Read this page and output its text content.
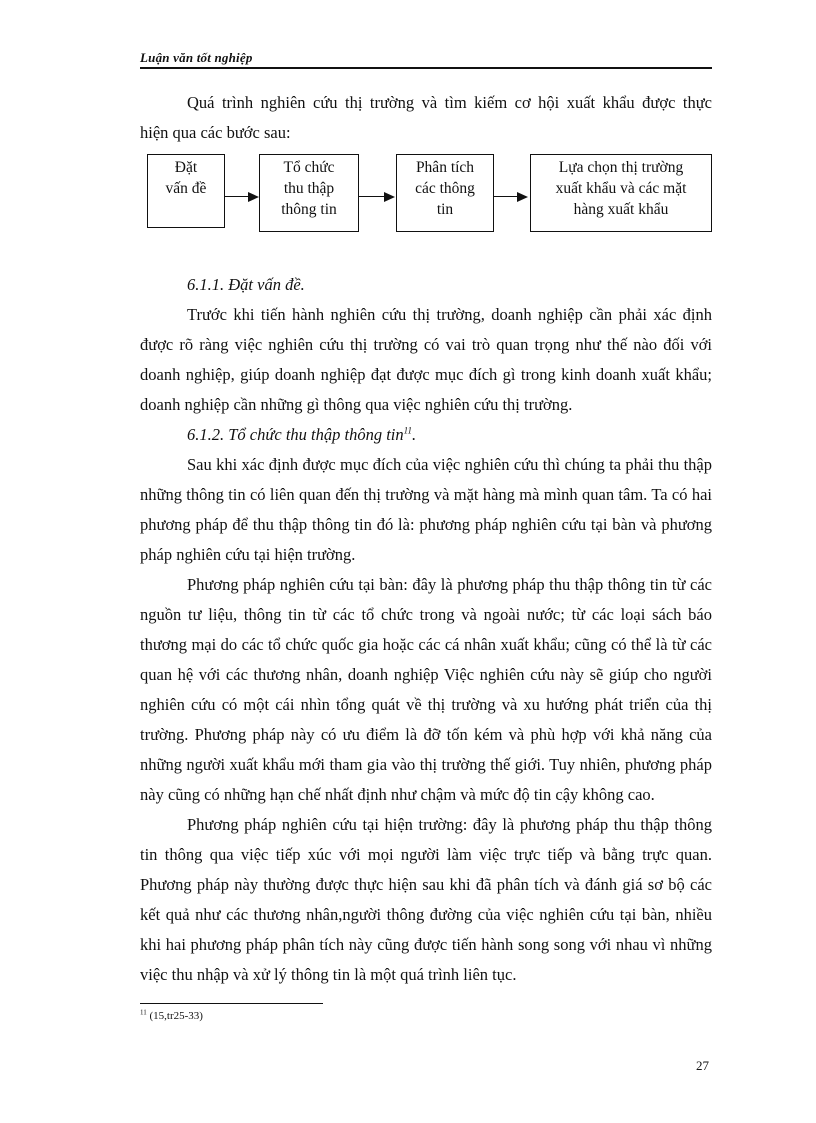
Luận văn tốt nghiệp
Quá trình nghiên cứu thị trường và tìm kiếm cơ hội xuất khẩu được thực
hiện qua các bước sau:
Đặt
vấn đề
Tổ chức
thu thập
thông tin
Phân tích
các thông
tin
Lựa chọn thị trường
xuất khẩu và các mặt
hàng xuất khẩu

6.1.1. Đặt vấn đề.

Trước khi tiến hành nghiên cứu thị trường, doanh nghiệp cần phải xác định được rõ ràng việc nghiên cứu thị trường có vai trò quan trọng như thế nào đối với doanh nghiệp, giúp doanh nghiệp đạt được mục đích gì trong kinh doanh xuất khẩu; doanh nghiệp cần những gì thông qua việc nghiên cứu thị trường.

6.1.2. Tổ chức thu thập thông tin$^{11}$.

Sau khi xác định được mục đích của việc nghiên cứu thì chúng ta phải thu thập những thông tin có liên quan đến thị trường và mặt hàng mà mình quan tâm. Ta có hai phương pháp để thu thập thông tin đó là: phương pháp nghiên cứu tại bàn và phương pháp nghiên cứu tại hiện trường.

Phương pháp nghiên cứu tại bàn: đây là phương pháp thu thập thông tin từ các nguồn tư liệu, thông tin từ các tổ chức trong và ngoài nước; từ các loại sách báo thương mại do các tổ chức quốc gia hoặc các cá nhân xuất khẩu; cũng có thể là từ các quan hệ với các thương nhân, doanh nghiệp Việc nghiên cứu này sẽ giúp cho người nghiên cứu có một cái nhìn tổng quát về thị trường và xu hướng phát triển của thị trường. Phương pháp này có ưu điểm là đỡ tốn kém và phù hợp với khả năng của những người xuất khẩu mới tham gia vào thị trường thế giới. Tuy nhiên, phương pháp này cũng có những hạn chế nhất định như chậm và mức độ tin cậy không cao.

Phương pháp nghiên cứu tại hiện trường: đây là phương pháp thu thập thông tin thông qua việc tiếp xúc với mọi người làm việc trực tiếp và bằng trực quan. Phương pháp này thường được thực hiện sau khi đã phân tích và đánh giá sơ bộ các kết quả như các thương nhân,người thông đường của việc nghiên cứu tại bàn, nhiều khi hai phương pháp phân tích này cũng được tiến hành song song với nhau vì những việc thu nhập và xử lý thông tin là một quá trình liên tục.

$^{11}$ (15,tr25-33)
27
